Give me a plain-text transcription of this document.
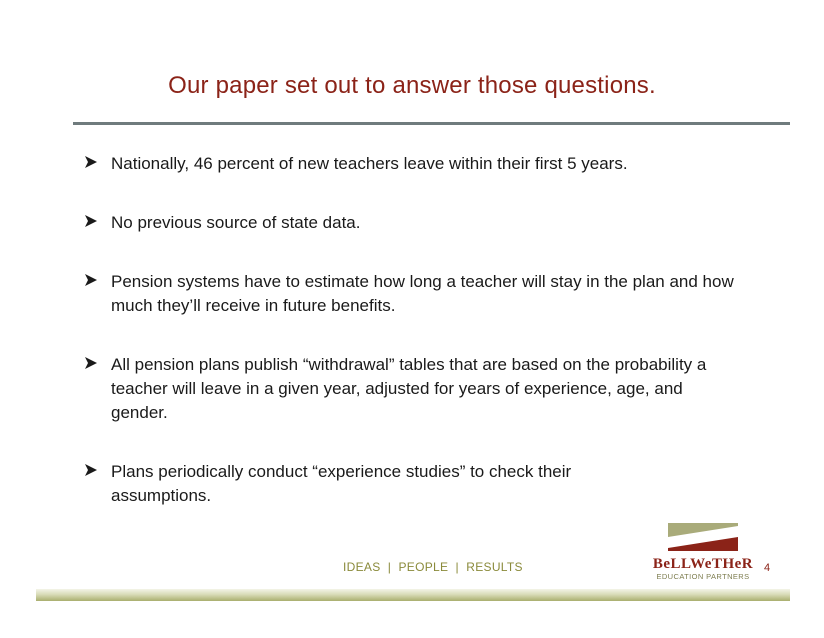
Our paper set out to answer those questions.
Nationally, 46 percent of new teachers leave within their first 5 years.
No previous source of state data.
Pension systems have to estimate how long a teacher will stay in the plan and how much they’ll receive in future benefits.
All pension plans publish “withdrawal” tables that are based on the probability a teacher will leave in a given year, adjusted for years of experience, age, and gender.
Plans periodically conduct “experience studies” to check their assumptions.
IDEAS  |  PEOPLE  |  RESULTS	BeLLWeTHeR
EDUCATION PARTNERS
4
